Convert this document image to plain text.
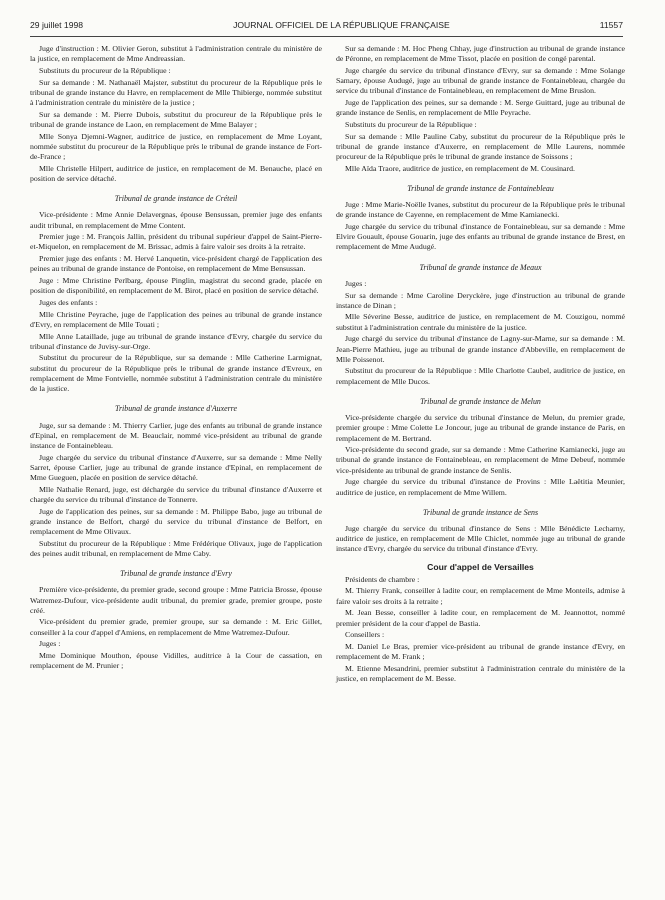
29 juillet 1998	JOURNAL OFFICIEL DE LA RÉPUBLIQUE FRANÇAISE	11557

Juge d'instruction : M. Olivier Geron, substitut à l'administration centrale du ministère de la justice, en remplacement de Mme Andreassian.

Substituts du procureur de la République :

Sur sa demande : M. Nathanaël Majster, substitut du procureur de la République près le tribunal de grande instance du Havre, en remplacement de Mlle Thibierge, nommée substitut à l'administration centrale du ministère de la justice ;

Sur sa demande : M. Pierre Dubois, substitut du procureur de la République près le tribunal de grande instance de Laon, en remplacement de Mme Balayer ;

Mlle Sonya Djemni-Wagner, auditrice de justice, en remplacement de Mme Loyant, nommée substitut du procureur de la République près le tribunal de grande instance de Fort-de-France ;

Mlle Christelle Hilpert, auditrice de justice, en remplacement de M. Benauche, placé en position de service détaché.

Tribunal de grande instance de Créteil

Vice-présidente : Mme Annie Delavergnas, épouse Bensussan, premier juge des enfants audit tribunal, en remplacement de Mme Content.

Premier juge : M. François Jallin, président du tribunal supérieur d'appel de Saint-Pierre-et-Miquelon, en remplacement de M. Brissac, admis à faire valoir ses droits à la retraite.

Premier juge des enfants : M. Hervé Lanquetin, vice-président chargé de l'application des peines au tribunal de grande instance de Pontoise, en remplacement de Mme Bensussan.

Juge : Mme Christine Perlbarg, épouse Pinglin, magistrat du second grade, placée en position de disponibilité, en remplacement de M. Birot, placé en position de service détaché.

Juges des enfants :

Mlle Christine Peyrache, juge de l'application des peines au tribunal de grande instance d'Evry, en remplacement de Mlle Touati ;

Mlle Anne Lataillade, juge au tribunal de grande instance d'Evry, chargée du service du tribunal d'instance de Juvisy-sur-Orge.

Substitut du procureur de la République, sur sa demande : Mlle Catherine Larmignat, substitut du procureur de la République près le tribunal de grande instance d'Evreux, en remplacement de Mme Fontvielle, nommée substitut à l'administration centrale du ministère de la justice.

Tribunal de grande instance d'Auxerre

Juge, sur sa demande : M. Thierry Carlier, juge des enfants au tribunal de grande instance d'Epinal, en remplacement de M. Beauclair, nommé vice-président au tribunal de grande instance de Fontainebleau.

Juge chargée du service du tribunal d'instance d'Auxerre, sur sa demande : Mme Nelly Sarret, épouse Carlier, juge au tribunal de grande instance d'Epinal, en remplacement de Mme Gueguen, placée en position de service détaché.

Mlle Nathalie Renard, juge, est déchargée du service du tribunal d'instance d'Auxerre et chargée du service du tribunal d'instance de Tonnerre.

Juge de l'application des peines, sur sa demande : M. Philippe Babo, juge au tribunal de grande instance de Belfort, chargé du service du tribunal d'instance de Belfort, en remplacement de Mme Olivaux.

Substitut du procureur de la République : Mme Frédérique Olivaux, juge de l'application des peines audit tribunal, en remplacement de Mme Caby.

Tribunal de grande instance d'Evry

Première vice-présidente, du premier grade, second groupe : Mme Patricia Brosse, épouse Watremez-Dufour, vice-présidente audit tribunal, du premier grade, premier groupe, poste créé.

Vice-président du premier grade, premier groupe, sur sa demande : M. Eric Gillet, conseiller à la cour d'appel d'Amiens, en remplacement de Mme Watremez-Dufour.

Juges :

Mme Dominique Mouthon, épouse Vidilles, auditrice à la Cour de cassation, en remplacement de M. Prunier ;

Sur sa demande : M. Hoc Pheng Chhay, juge d'instruction au tribunal de grande instance de Péronne, en remplacement de Mme Tissot, placée en position de congé parental.

Juge chargée du service du tribunal d'instance d'Evry, sur sa demande : Mme Solange Samary, épouse Audugé, juge au tribunal de grande instance de Fontainebleau, chargée du service du tribunal d'instance de Fontainebleau, en remplacement de Mme Bruslon.

Juge de l'application des peines, sur sa demande : M. Serge Guittard, juge au tribunal de grande instance de Senlis, en remplacement de Mlle Peyrache.

Substituts du procureur de la République :

Sur sa demande : Mlle Pauline Caby, substitut du procureur de la République près le tribunal de grande instance d'Auxerre, en remplacement de Mlle Laurens, nommée procureur de la République près le tribunal de grande instance de Soissons ;

Mlle Aïda Traore, auditrice de justice, en remplacement de M. Cousinard.

Tribunal de grande instance de Fontainebleau

Juge : Mme Marie-Noëlle Ivanes, substitut du procureur de la République près le tribunal de grande instance de Cayenne, en remplacement de Mme Kamianecki.

Juge chargée du service du tribunal d'instance de Fontainebleau, sur sa demande : Mme Elvire Gouault, épouse Gouarin, juge des enfants au tribunal de grande instance de Brest, en remplacement de Mme Audugé.

Tribunal de grande instance de Meaux

Juges :

Sur sa demande : Mme Caroline Deryckère, juge d'instruction au tribunal de grande instance de Dinan ;

Mlle Séverine Besse, auditrice de justice, en remplacement de M. Couzigou, nommé substitut à l'administration centrale du ministère de la justice.

Juge chargé du service du tribunal d'instance de Lagny-sur-Marne, sur sa demande : M. Jean-Pierre Mathieu, juge au tribunal de grande instance d'Abbeville, en remplacement de Mlle Poissenot.

Substitut du procureur de la République : Mlle Charlotte Caubel, auditrice de justice, en remplacement de Mlle Ducos.

Tribunal de grande instance de Melun

Vice-présidente chargée du service du tribunal d'instance de Melun, du premier grade, premier groupe : Mme Colette Le Joncour, juge au tribunal de grande instance de Paris, en remplacement de M. Bertrand.

Vice-présidente du second grade, sur sa demande : Mme Catherine Kamianecki, juge au tribunal de grande instance de Fontainebleau, en remplacement de Mme Debeuf, nommée vice-présidente au tribunal de grande instance de Senlis.

Juge chargée du service du tribunal d'instance de Provins : Mlle Laëtitia Meunier, auditrice de justice, en remplacement de Mme Willem.

Tribunal de grande instance de Sens

Juge chargée du service du tribunal d'instance de Sens : Mlle Bénédicte Lecharny, auditrice de justice, en remplacement de Mlle Chiclet, nommée juge au tribunal de grande instance d'Evry, chargée du service du tribunal d'instance d'Evry.

Cour d'appel de Versailles

Présidents de chambre :

M. Thierry Frank, conseiller à ladite cour, en remplacement de Mme Monteils, admise à faire valoir ses droits à la retraite ;

M. Jean Besse, conseiller à ladite cour, en remplacement de M. Jeannottot, nommé premier président de la cour d'appel de Bastia.

Conseillers :

M. Daniel Le Bras, premier vice-président au tribunal de grande instance d'Evry, en remplacement de M. Frank ;

M. Etienne Mesandrini, premier substitut à l'administration centrale du ministère de la justice, en remplacement de M. Besse.
